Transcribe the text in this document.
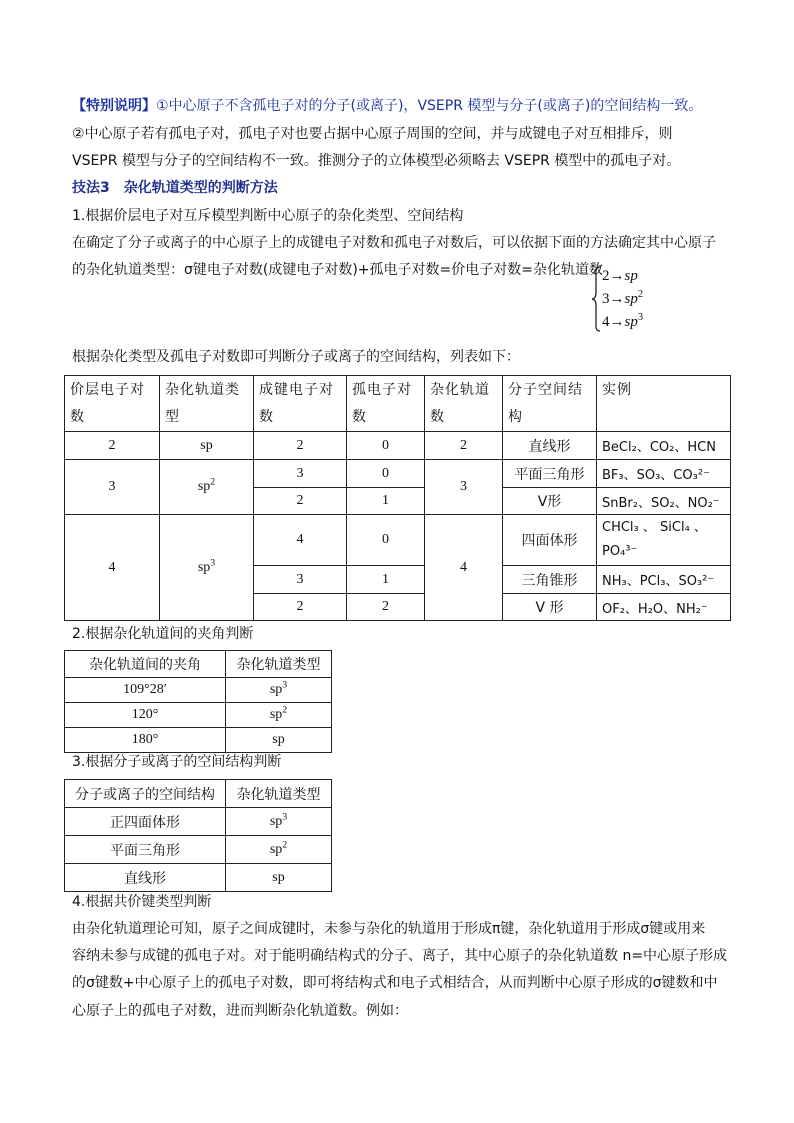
【特别说明】①中心原子不含孤电子对的分子(或离子)，VSEPR 模型与分子(或离子)的空间结构一致。
②中心原子若有孤电子对，孤电子对也要占据中心原子周围的空间，并与成键电子对互相排斥，则
VSEPR 模型与分子的空间结构不一致。推测分子的立体模型必须略去 VSEPR 模型中的孤电子对。
技法3　杂化轨道类型的判断方法
1.根据价层电子对互斥模型判断中心原子的杂化类型、空间结构
在确定了分子或离子的中心原子上的成键电子对数和孤电子对数后，可以依据下面的方法确定其中心原子
的杂化轨道类型：σ键电子对数(成键电子对数)+孤电子对数=价电子对数=杂化轨道数 2→sp
$3\to sp^2$
$4\to sp^3$
根据杂化类型及孤电子对数即可判断分子或离子的空间结构，列表如下：
价层电子对数	杂化轨道类型	成键电子对数	孤电子对数	杂化轨道数	分子空间结构	实例
2	sp	2	0	2	直线形	BeCl₂、CO₂、HCN
3	$sp^2$	3	0	3	平面三角形	BF₃、SO₃、CO₃²⁻
		2	1		V形	SnBr₂、SO₂、NO₂⁻
4	$sp^3$	4	0	4	四面体形	CHCl₃ 、 SiCl₄ 、
PO₄³⁻

		3	1		三角锥形	NH₃、PCl₃、SO₃²⁻
		2	2		V 形	OF₂、H₂O、NH₂⁻
2.根据杂化轨道间的夹角判断
杂化轨道间的夹角	杂化轨道类型
109°28′	$sp^3$
120°	$sp^2$
180°	sp
3.根据分子或离子的空间结构判断
分子或离子的空间结构	杂化轨道类型
正四面体形	$sp^3$
平面三角形	$sp^2$
直线形	sp
4.根据共价键类型判断
由杂化轨道理论可知，原子之间成键时，未参与杂化的轨道用于形成π键，杂化轨道用于形成σ键或用来
容纳未参与成键的孤电子对。对于能明确结构式的分子、离子，其中心原子的杂化轨道数 n=中心原子形成
的σ键数+中心原子上的孤电子对数，即可将结构式和电子式相结合，从而判断中心原子形成的σ键数和中
心原子上的孤电子对数，进而判断杂化轨道数。例如：
